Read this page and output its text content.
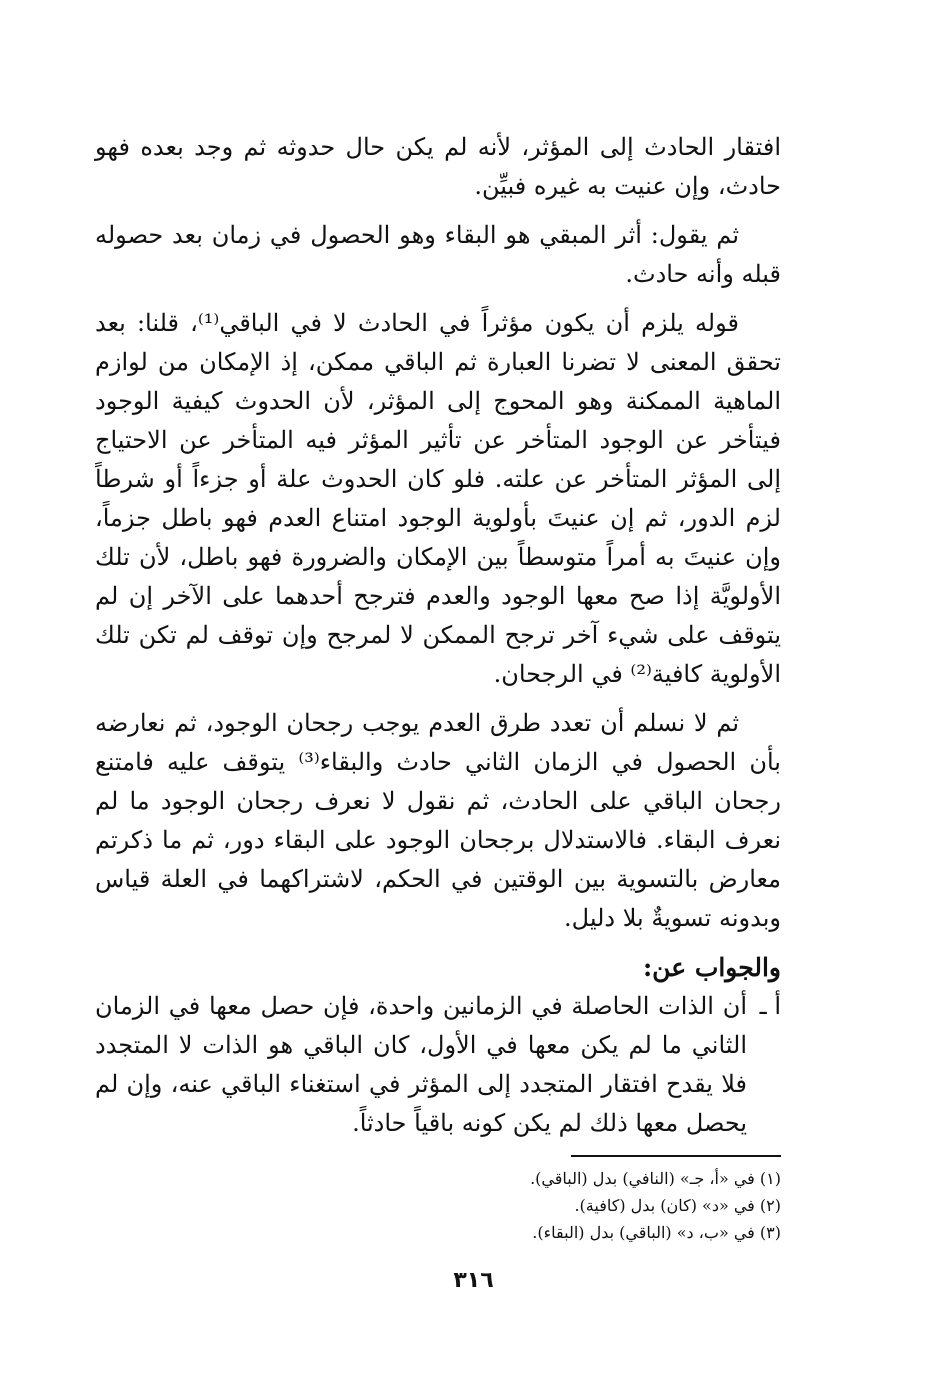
افتقار الحادث إلى المؤثر، لأنه لم يكن حال حدوثه ثم وجد بعده فهو حادث، وإن عنيت به غيره فبيِّن.

ثم يقول: أثر المبقي هو البقاء وهو الحصول في زمان بعد حصوله قبله وأنه حادث.

قوله يلزم أن يكون مؤثراً في الحادث لا في الباقي⁽¹⁾، قلنا: بعد تحقق المعنى لا تضرنا العبارة ثم الباقي ممكن، إذ الإمكان من لوازم الماهية الممكنة وهو المحوج إلى المؤثر، لأن الحدوث كيفية الوجود فيتأخر عن الوجود المتأخر عن تأثير المؤثر فيه المتأخر عن الاحتياج إلى المؤثر المتأخر عن علته. فلو كان الحدوث علة أو جزءاً أو شرطاً لزم الدور، ثم إن عنيتَ بأولوية الوجود امتناع العدم فهو باطل جزماً، وإن عنيتَ به أمراً متوسطاً بين الإمكان والضرورة فهو باطل، لأن تلك الأولويَّة إذا صح معها الوجود والعدم فترجح أحدهما على الآخر إن لم يتوقف على شيء آخر ترجح الممكن لا لمرجح وإن توقف لم تكن تلك الأولوية كافية⁽²⁾ في الرجحان.

ثم لا نسلم أن تعدد طرق العدم يوجب رجحان الوجود، ثم نعارضه بأن الحصول في الزمان الثاني حادث والبقاء⁽³⁾ يتوقف عليه فامتنع رجحان الباقي على الحادث، ثم نقول لا نعرف رجحان الوجود ما لم نعرف البقاء. فالاستدلال برجحان الوجود على البقاء دور، ثم ما ذكرتم معارض بالتسوية بين الوقتين في الحكم، لاشتراكهما في العلة قياس وبدونه تسويةٌ بلا دليل.

والجواب عن:
أ ـ
أن الذات الحاصلة في الزمانين واحدة، فإن حصل معها في الزمان الثاني ما لم يكن معها في الأول، كان الباقي هو الذات لا المتجدد فلا يقدح افتقار المتجدد إلى المؤثر في استغناء الباقي عنه، وإن لم يحصل معها ذلك لم يكن كونه باقياً حادثاً.

(١) في «أ، جـ» (النافي) بدل (الباقي).

(٢) في «د» (كان) بدل (كافية).

(٣) في «ب، د» (الباقي) بدل (البقاء).

٣١٦
